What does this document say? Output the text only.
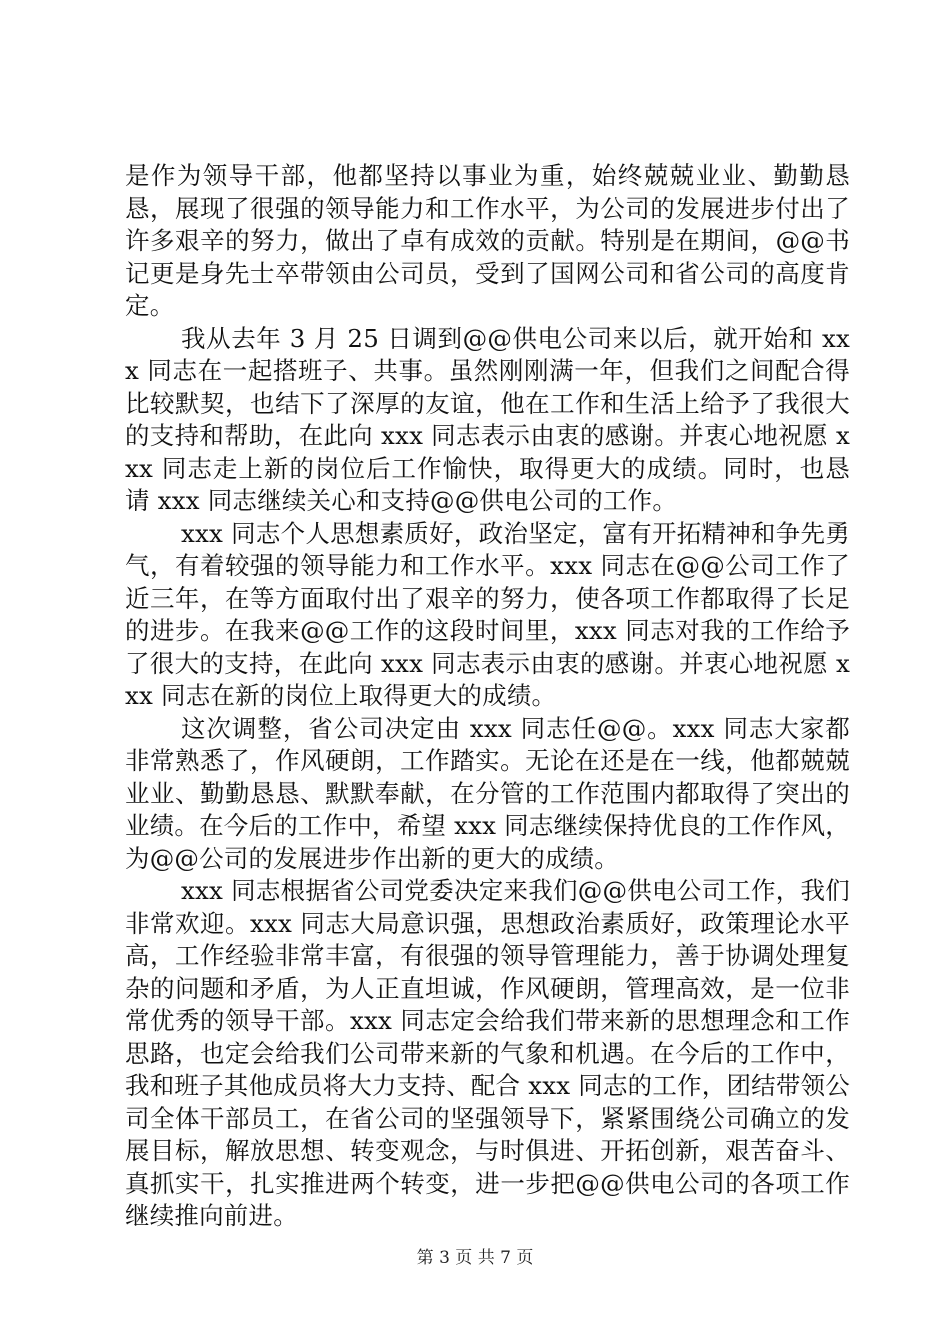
是作为领导干部，他都坚持以事业为重，始终兢兢业业、勤勤恳恳，展现了很强的领导能力和工作水平，为公司的发展进步付出了许多艰辛的努力，做出了卓有成效的贡献。特别是在期间，@@书记更是身先士卒带领由公司员，受到了国网公司和省公司的高度肯定。

我从去年 3 月 25 日调到@@供电公司来以后，就开始和 xxx 同志在一起搭班子、共事。虽然刚刚满一年，但我们之间配合得比较默契，也结下了深厚的友谊，他在工作和生活上给予了我很大的支持和帮助，在此向 xxx 同志表示由衷的感谢。并衷心地祝愿 xxx 同志走上新的岗位后工作愉快，取得更大的成绩。同时，也恳请 xxx 同志继续关心和支持@@供电公司的工作。

xxx 同志个人思想素质好，政治坚定，富有开拓精神和争先勇气，有着较强的领导能力和工作水平。xxx 同志在@@公司工作了近三年，在等方面取付出了艰辛的努力，使各项工作都取得了长足的进步。在我来@@工作的这段时间里，xxx 同志对我的工作给予了很大的支持，在此向 xxx 同志表示由衷的感谢。并衷心地祝愿 xxx 同志在新的岗位上取得更大的成绩。

这次调整，省公司决定由 xxx 同志任@@。xxx 同志大家都非常熟悉了，作风硬朗，工作踏实。无论在还是在一线，他都兢兢业业、勤勤恳恳、默默奉献，在分管的工作范围内都取得了突出的业绩。在今后的工作中，希望 xxx 同志继续保持优良的工作作风，为@@公司的发展进步作出新的更大的成绩。

xxx 同志根据省公司党委决定来我们@@供电公司工作，我们非常欢迎。xxx 同志大局意识强，思想政治素质好，政策理论水平高，工作经验非常丰富，有很强的领导管理能力，善于协调处理复杂的问题和矛盾，为人正直坦诚，作风硬朗，管理高效，是一位非常优秀的领导干部。xxx 同志定会给我们带来新的思想理念和工作思路，也定会给我们公司带来新的气象和机遇。在今后的工作中，我和班子其他成员将大力支持、配合 xxx 同志的工作，团结带领公司全体干部员工，在省公司的坚强领导下，紧紧围绕公司确立的发展目标，解放思想、转变观念，与时俱进、开拓创新，艰苦奋斗、真抓实干，扎实推进两个转变，进一步把@@供电公司的各项工作继续推向前进。

第 3 页 共 7 页
